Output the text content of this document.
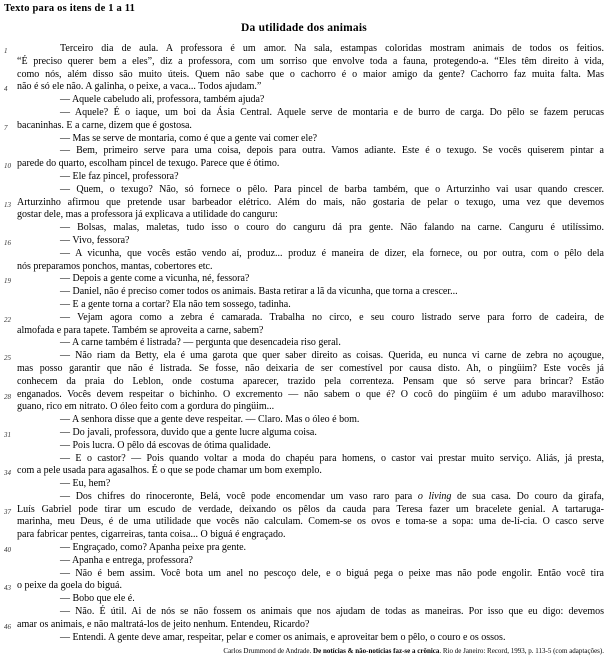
Texto para os itens de 1 a 11
Da utilidade dos animais
1	Terceiro dia de aula. A professora é um amor. Na sala, estampas coloridas mostram animais de todos os feitios.
“É preciso querer bem a eles”, diz a professora, com um sorriso que envolve toda a fauna, protegendo-a. “Eles têm direito à vida,
como nós, além disso são muito úteis. Quem não sabe que o cachorro é o maior amigo da gente? Cachorro faz muita falta. Mas
4 não é só ele não. A galinha, o peixe, a vaca... Todos ajudam.”
— Aquele cabeludo ali, professora, também ajuda?
— Aquele? É o iaque, um boi da Ásia Central. Aquele serve de montaria e de burro de carga. Do pêlo se fazem perucas
7 bacaninhas. E a carne, dizem que é gostosa.
— Mas se serve de montaria, como é que a gente vai comer ele?
— Bem, primeiro serve para uma coisa, depois para outra. Vamos adiante. Este é o texugo. Se vocês quiserem pintar a
10 parede do quarto, escolham pincel de texugo. Parece que é ótimo.
— Ele faz pincel, professora?
— Quem, o texugo? Não, só fornece o pêlo. Para pincel de barba também, que o Arturzinho vai usar quando crescer.
13 Arturzinho afirmou que pretende usar barbeador elétrico. Além do mais, não gostaria de pelar o texugo, uma vez que devemos
gostar dele, mas a professora já explicava a utilidade do canguru:
— Bolsas, malas, maletas, tudo isso o couro do canguru dá pra gente. Não falando na carne. Canguru é utilíssimo.
16	— Vivo, fessora?
— A vicunha, que vocês estão vendo aí, produz... produz é maneira de dizer, ela fornece, ou por outra, com o pêlo dela
nós preparamos ponchos, mantas, cobertores etc.
19	— Depois a gente come a vicunha, né, fessora?
— Daniel, não é preciso comer todos os animais. Basta retirar a lã da vicunha, que torna a crescer...
— E a gente torna a cortar? Ela não tem sossego, tadinha.
22	— Vejam agora como a zebra é camarada. Trabalha no circo, e seu couro listrado serve para forro de cadeira, de
almofada e para tapete. Também se aproveita a carne, sabem?
— A carne também é listrada? — pergunta que desencadeia riso geral.
25	— Não riam da Betty, ela é uma garota que quer saber direito as coisas. Querida, eu nunca vi carne de zebra no açougue,
mas posso garantir que não é listrada. Se fosse, não deixaria de ser comestível por causa disto. Ah, o pingüim? Este vocês já
conhecem da praia do Leblon, onde costuma aparecer, trazido pela correnteza. Pensam que só serve para brincar? Estão
28 enganados. Vocês devem respeitar o bichinho. O excremento — não sabem o que é? O cocô do pingüim é um adubo maravilhoso:
guano, rico em nitrato. O óleo feito com a gordura do pingüim...
— A senhora disse que a gente deve respeitar. — Claro. Mas o óleo é bom.
31	— Do javali, professora, duvido que a gente lucre alguma coisa.
— Pois lucra. O pêlo dá escovas de ótima qualidade.
— E o castor? — Pois quando voltar a moda do chapéu para homens, o castor vai prestar muito serviço. Aliás, já presta,
34 com a pele usada para agasalhos. É o que se pode chamar um bom exemplo.
— Eu, hem?
— Dos chifres do rinoceronte, Belá, você pode encomendar um vaso raro para o living de sua casa. Do couro da girafa,
37 Luís Gabriel pode tirar um escudo de verdade, deixando os pêlos da cauda para Teresa fazer um bracelete genial. A tartaruga-
marinha, meu Deus, é de uma utilidade que vocês não calculam. Comem-se os ovos e toma-se a sopa: uma de-lí-cia. O casco serve
para fabricar pentes, cigarreiras, tanta coisa... O biguá é engraçado.
40	— Engraçado, como? Apanha peixe pra gente.
— Apanha e entrega, professora?
— Não é bem assim. Você bota um anel no pescoço dele, e o biguá pega o peixe mas não pode engolir. Então você tira
43 o peixe da goela do biguá.
— Bobo que ele é.
— Não. É útil. Ai de nós se não fossem os animais que nos ajudam de todas as maneiras. Por isso que eu digo: devemos
46 amar os animais, e não maltratá-los de jeito nenhum. Entendeu, Ricardo?
— Entendi. A gente deve amar, respeitar, pelar e comer os animais, e aproveitar bem o pêlo, o couro e os ossos.
Carlos Drummond de Andrade. De notícias & não-notícias faz-se a crônica. Rio de Janeiro: Record, 1993, p. 113-5 (com adaptações).
